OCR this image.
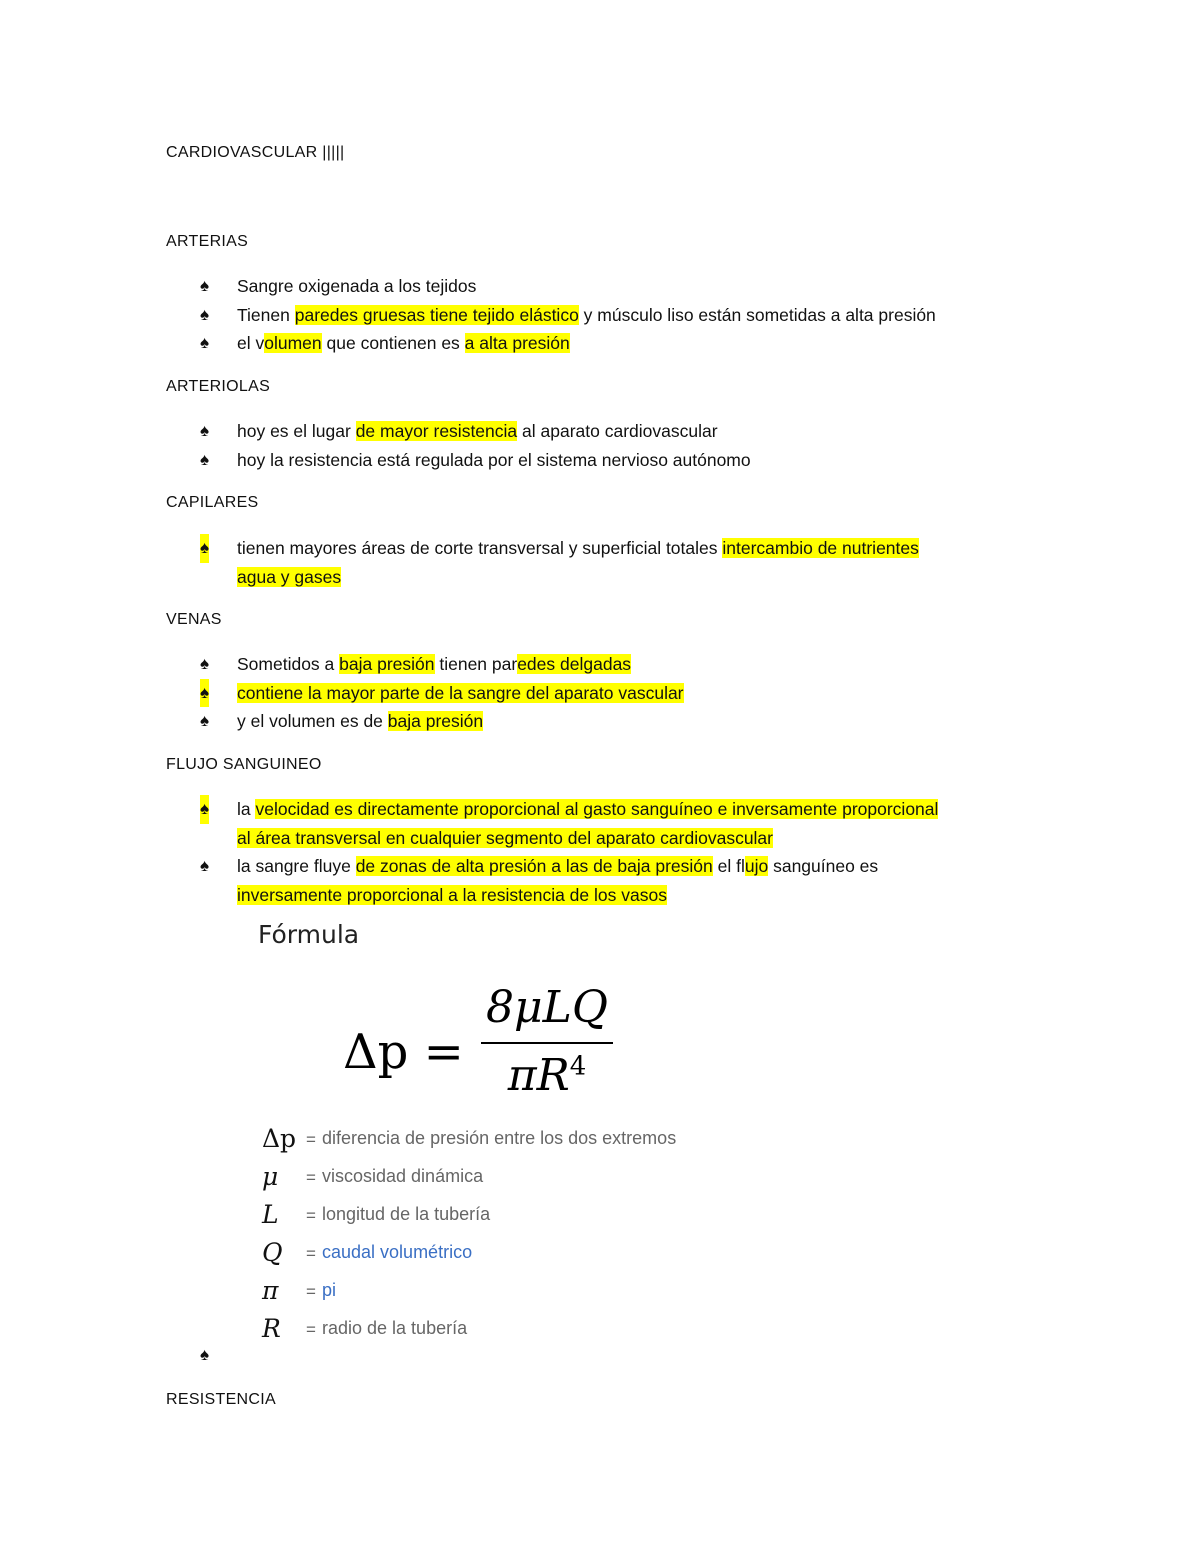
CARDIOVASCULAR |||||
ARTERIAS
♠ Sangre oxigenada a los tejidos
♠ Tienen paredes gruesas tiene tejido elástico y músculo liso están sometidas a alta presión
♠ el volumen que contienen es a alta presión
ARTERIOLAS
♠ hoy es el lugar de mayor resistencia al aparato cardiovascular
♠ hoy la resistencia está regulada por el sistema nervioso autónomo
CAPILARES
♠ tienen mayores áreas de corte transversal y superficial totales intercambio de nutrientes
agua y gases
VENAS
♠ Sometidos a baja presión tienen paredes delgadas
♠ contiene la mayor parte de la sangre del aparato vascular
♠ y el volumen es de baja presión
FLUJO SANGUINEO
♠ la velocidad es directamente proporcional al gasto sanguíneo e inversamente proporcional
al área transversal en cualquier segmento del aparato cardiovascular
♠ la sangre fluye de zonas de alta presión a las de baja presión el flujo sanguíneo es
inversamente proporcional a la resistencia de los vasos
Fórmula
Δp =
8μLQ
$\pi R^4$
Δp = diferencia de presión entre los dos extremos
μ = viscosidad dinámica
L = longitud de la tubería
Q = caudal volumétrico
π = pi
R = radio de la tubería
♠
RESISTENCIA
